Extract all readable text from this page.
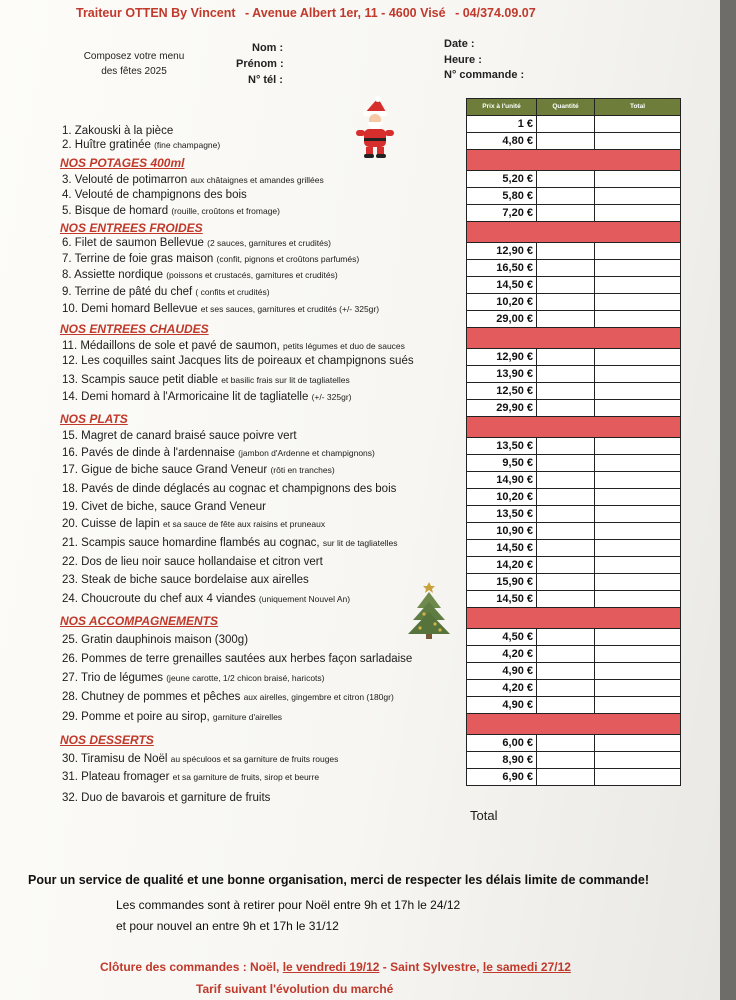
Traiteur OTTEN By Vincent - Avenue Albert 1er, 11 - 4600 Visé - 04/374.09.07
Composez votre menu
des fêtes 2025
Nom :
Prénom :
N° tél :
Date :
Heure :
N° commande :
1. Zakouski à la pièce
2. Huître gratinée (fine champagne)
NOS POTAGES 400ml
3. Velouté de potimarron aux châtaignes et amandes grillées
4. Velouté de champignons des bois
5. Bisque de homard (rouille, croûtons et fromage)
NOS ENTREES FROIDES
6. Filet de saumon Bellevue (2 sauces, garnitures et crudités)
7. Terrine de foie gras maison (confit, pignons et croûtons parfumés)
8. Assiette nordique (poissons et crustacés, garnitures et crudités)
9. Terrine de pâté du chef ( confits et crudités)
10. Demi homard Bellevue et ses sauces, garnitures et crudités (+/- 325gr)
NOS ENTREES CHAUDES
11. Médaillons de sole et pavé de saumon, petits légumes et duo de sauces
12. Les coquilles saint Jacques lits de poireaux et champignons sués
13. Scampis sauce petit diable et basilic frais sur lit de tagliatelles
14. Demi homard à l'Armoricaine lit de tagliatelle (+/- 325gr)
NOS PLATS
15. Magret de canard braisé sauce poivre vert
16. Pavés de dinde à l'ardennaise (jambon d'Ardenne et champignons)
17. Gigue de biche sauce Grand Veneur (rôti en tranches)
18. Pavés de dinde déglacés au cognac et champignons des bois
19. Civet de biche, sauce Grand Veneur
20. Cuisse de lapin et sa sauce de fête aux raisins et pruneaux
21. Scampis sauce homardine flambés au cognac, sur lit de tagliatelles
22. Dos de lieu noir sauce hollandaise et citron vert
23. Steak de biche sauce bordelaise aux airelles
24. Choucroute du chef aux 4 viandes (uniquement Nouvel An)
NOS ACCOMPAGNEMENTS
25. Gratin dauphinois maison (300g)
26. Pommes de terre grenailles sautées aux herbes façon sarladaise
27. Trio de légumes (jeune carotte, 1/2 chicon braisé, haricots)
28. Chutney de pommes et pêches aux airelles, gingembre et citron (180gr)
29. Pomme et poire au sirop, garniture d'airelles
NOS DESSERTS
30. Tiramisu de Noël au spéculoos et sa garniture de fruits rouges
31. Plateau fromager et sa garniture de fruits, sirop et beurre
32. Duo de bavarois et garniture de fruits
Prix à l'unité	Quantité	Total
1 €
4,80 €
5,20 €
5,80 €
7,20 €
12,90 €
16,50 €
14,50 €
10,20 €
29,00 €
12,90 €
13,90 €
12,50 €
29,90 €
13,50 €
9,50 €
14,90 €
10,20 €
13,50 €
10,90 €
14,50 €
14,20 €
15,90 €
14,50 €
4,50 €
4,20 €
4,90 €
4,20 €
4,90 €
6,00 €
8,90 €
6,90 €
Total
Pour un service de qualité et une bonne organisation, merci de respecter les délais limite de commande!
Les commandes sont à retirer pour Noël entre 9h et 17h le 24/12
et pour nouvel an entre 9h et 17h le 31/12
Clôture des commandes : Noël, le vendredi 19/12 - Saint Sylvestre, le samedi 27/12
Tarif suivant l'évolution du marché
